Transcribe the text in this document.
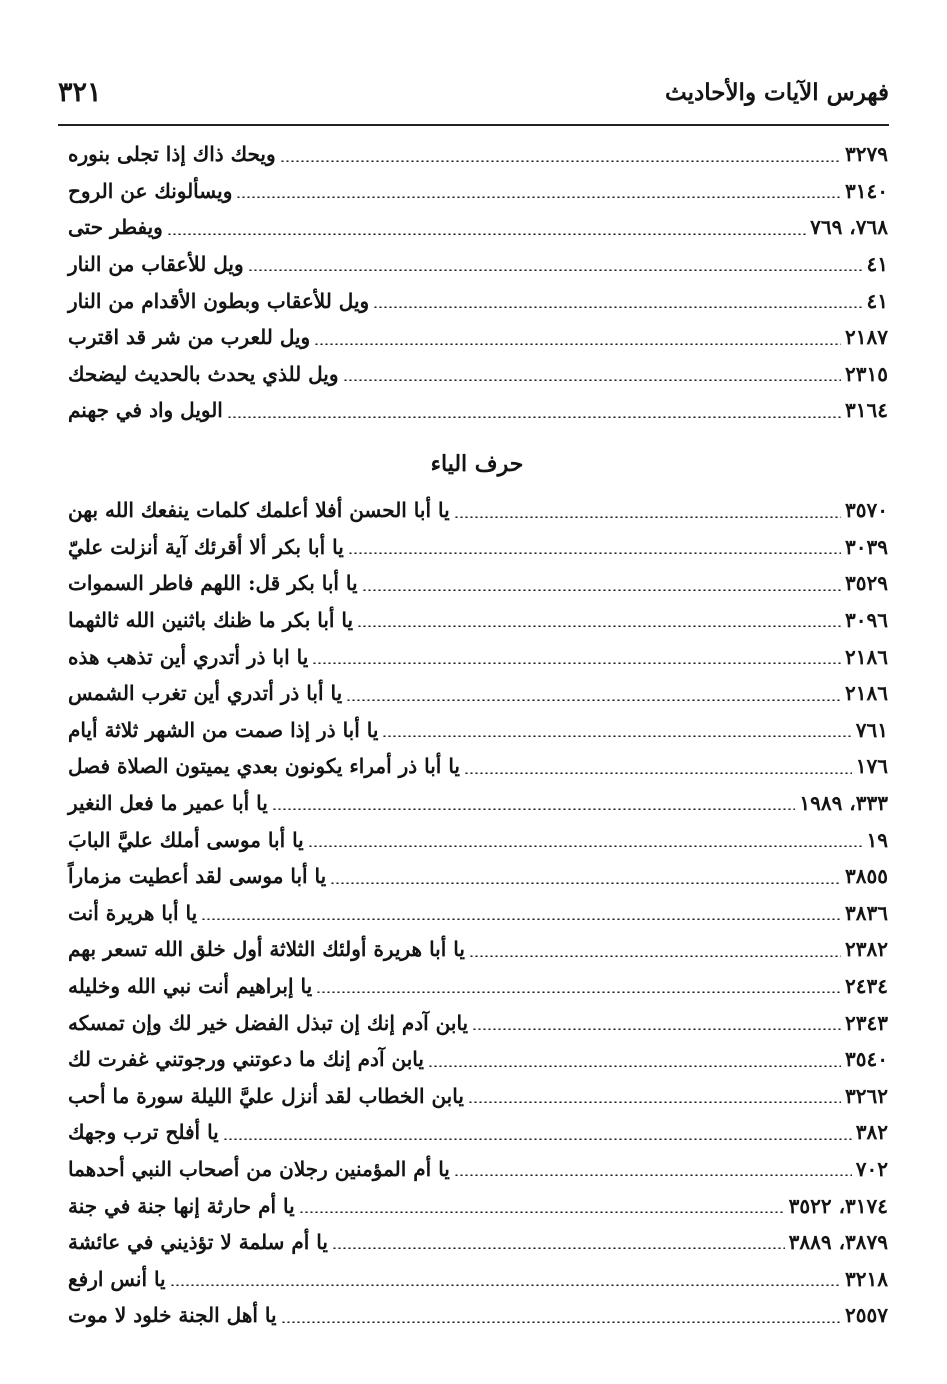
٣٢١	فهرس الآيات والأحاديث
ويحك ذاك إذا تجلى بنوره	٣٢٧٩
ويسألونك عن الروح	٣١٤٠
ويفطر حتى	٧٦٨، ٧٦٩
ويل للأعقاب من النار	٤١
ويل للأعقاب وبطون الأقدام من النار	٤١
ويل للعرب من شر قد اقترب	٢١٨٧
ويل للذي يحدث بالحديث ليضحك	٢٣١٥
الويل واد في جهنم	٣١٦٤
حرف الياء
يا أبا الحسن أفلا أعلمك كلمات ينفعك الله بهن	٣٥٧٠
يا أبا بكر ألا أقرئك آية أنزلت عليّ	٣٠٣٩
يا أبا بكر قل: اللهم فاطر السموات	٣٥٢٩
يا أبا بكر ما ظنك باثنين الله ثالثهما	٣٠٩٦
يا ابا ذر أتدري أين تذهب هذه	٢١٨٦
يا أبا ذر أتدري أين تغرب الشمس	٢١٨٦
يا أبا ذر إذا صمت من الشهر ثلاثة أيام	٧٦١
يا أبا ذر أمراء يكونون بعدي يميتون الصلاة فصل	١٧٦
يا أبا عمير ما فعل النغير	٣٣٣، ١٩٨٩
يا أبا موسى أملك عليَّ البابَ	١٩
يا أبا موسى لقد أعطيت مزماراً	٣٨٥٥
يا أبا هريرة أنت	٣٨٣٦
يا أبا هريرة أولئك الثلاثة أول خلق الله تسعر بهم	٢٣٨٢
يا إبراهيم أنت نبي الله وخليله	٢٤٣٤
يابن آدم إنك إن تبذل الفضل خير لك وإن تمسكه	٢٣٤٣
يابن آدم إنك ما دعوتني ورجوتني غفرت لك	٣٥٤٠
يابن الخطاب لقد أنزل عليَّ الليلة سورة ما أحب	٣٢٦٢
يا أفلح ترب وجهك	٣٨٢
يا أم المؤمنين رجلان من أصحاب النبي أحدهما	٧٠٢
يا أم حارثة إنها جنة في جنة	٣١٧٤، ٣٥٢٢
يا أم سلمة لا تؤذيني في عائشة	٣٨٧٩، ٣٨٨٩
يا أنس ارفع	٣٢١٨
يا أهل الجنة خلود لا موت	٢٥٥٧
